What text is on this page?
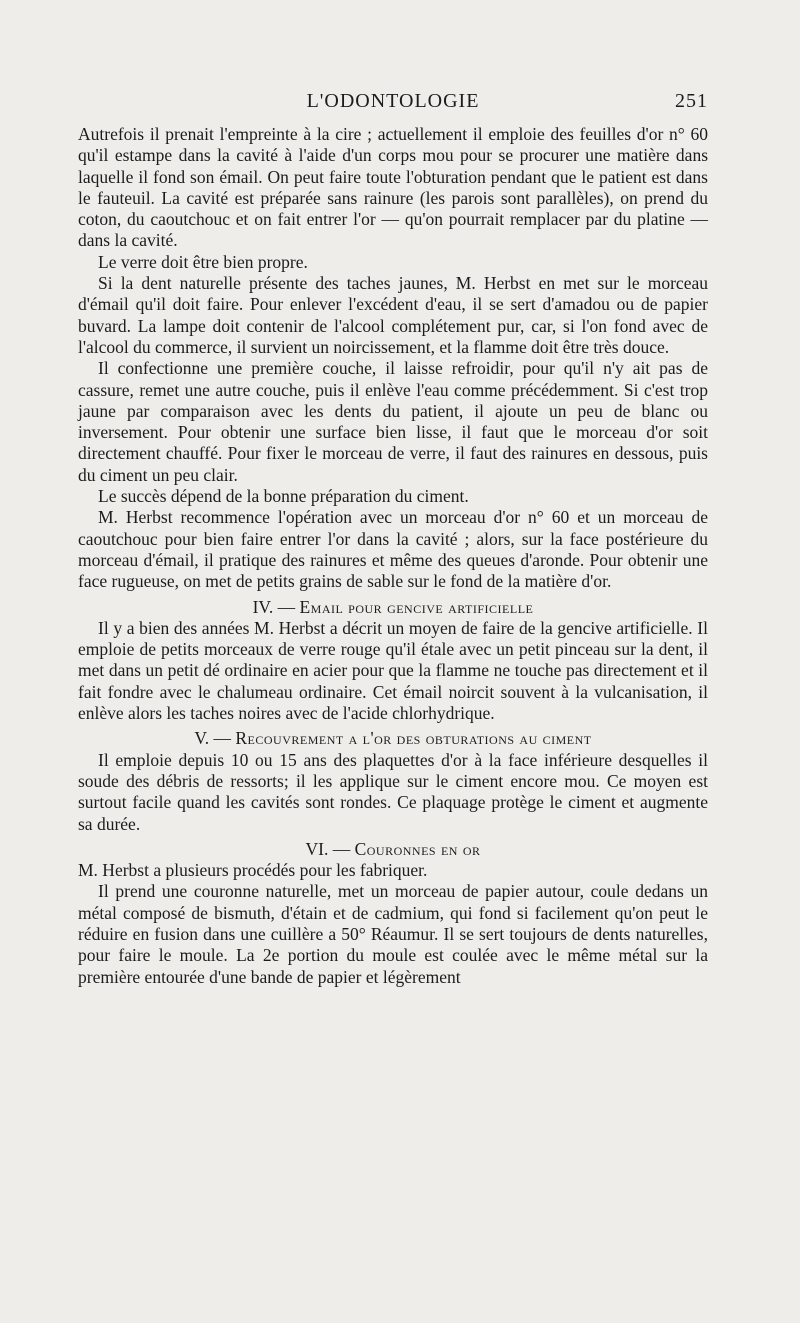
L'ODONTOLOGIE	251

Autrefois il prenait l'empreinte à la cire ; actuellement il emploie des feuilles d'or n° 60 qu'il estampe dans la cavité à l'aide d'un corps mou pour se procurer une matière dans laquelle il fond son émail. On peut faire toute l'obturation pendant que le patient est dans le fauteuil. La cavité est préparée sans rainure (les parois sont parallèles), on prend du coton, du caoutchouc et on fait entrer l'or — qu'on pourrait remplacer par du platine — dans la cavité.

Le verre doit être bien propre.

Si la dent naturelle présente des taches jaunes, M. Herbst en met sur le morceau d'émail qu'il doit faire. Pour enlever l'excédent d'eau, il se sert d'amadou ou de papier buvard. La lampe doit contenir de l'alcool complétement pur, car, si l'on fond avec de l'alcool du commerce, il survient un noircissement, et la flamme doit être très douce.

Il confectionne une première couche, il laisse refroidir, pour qu'il n'y ait pas de cassure, remet une autre couche, puis il enlève l'eau comme précédemment. Si c'est trop jaune par comparaison avec les dents du patient, il ajoute un peu de blanc ou inversement. Pour obtenir une surface bien lisse, il faut que le morceau d'or soit directement chauffé. Pour fixer le morceau de verre, il faut des rainures en dessous, puis du ciment un peu clair.

Le succès dépend de la bonne préparation du ciment.

M. Herbst recommence l'opération avec un morceau d'or n° 60 et un morceau de caoutchouc pour bien faire entrer l'or dans la cavité ; alors, sur la face postérieure du morceau d'émail, il pratique des rainures et même des queues d'aronde. Pour obtenir une face rugueuse, on met de petits grains de sable sur le fond de la matière d'or.

IV. — Email pour gencive artificielle

Il y a bien des années M. Herbst a décrit un moyen de faire de la gencive artificielle. Il emploie de petits morceaux de verre rouge qu'il étale avec un petit pinceau sur la dent, il met dans un petit dé ordinaire en acier pour que la flamme ne touche pas directement et il fait fondre avec le chalumeau ordinaire. Cet émail noircit souvent à la vulcanisation, il enlève alors les taches noires avec de l'acide chlorhydrique.

V. — Recouvrement a l'or des obturations au ciment

Il emploie depuis 10 ou 15 ans des plaquettes d'or à la face inférieure desquelles il soude des débris de ressorts; il les applique sur le ciment encore mou. Ce moyen est surtout facile quand les cavités sont rondes. Ce plaquage protège le ciment et augmente sa durée.

VI. — Couronnes en or

M. Herbst a plusieurs procédés pour les fabriquer.

Il prend une couronne naturelle, met un morceau de papier autour, coule dedans un métal composé de bismuth, d'étain et de cadmium, qui fond si facilement qu'on peut le réduire en fusion dans une cuillère a 50° Réaumur. Il se sert toujours de dents naturelles, pour faire le moule. La 2e portion du moule est coulée avec le même métal sur la première entourée d'une bande de papier et légèrement
